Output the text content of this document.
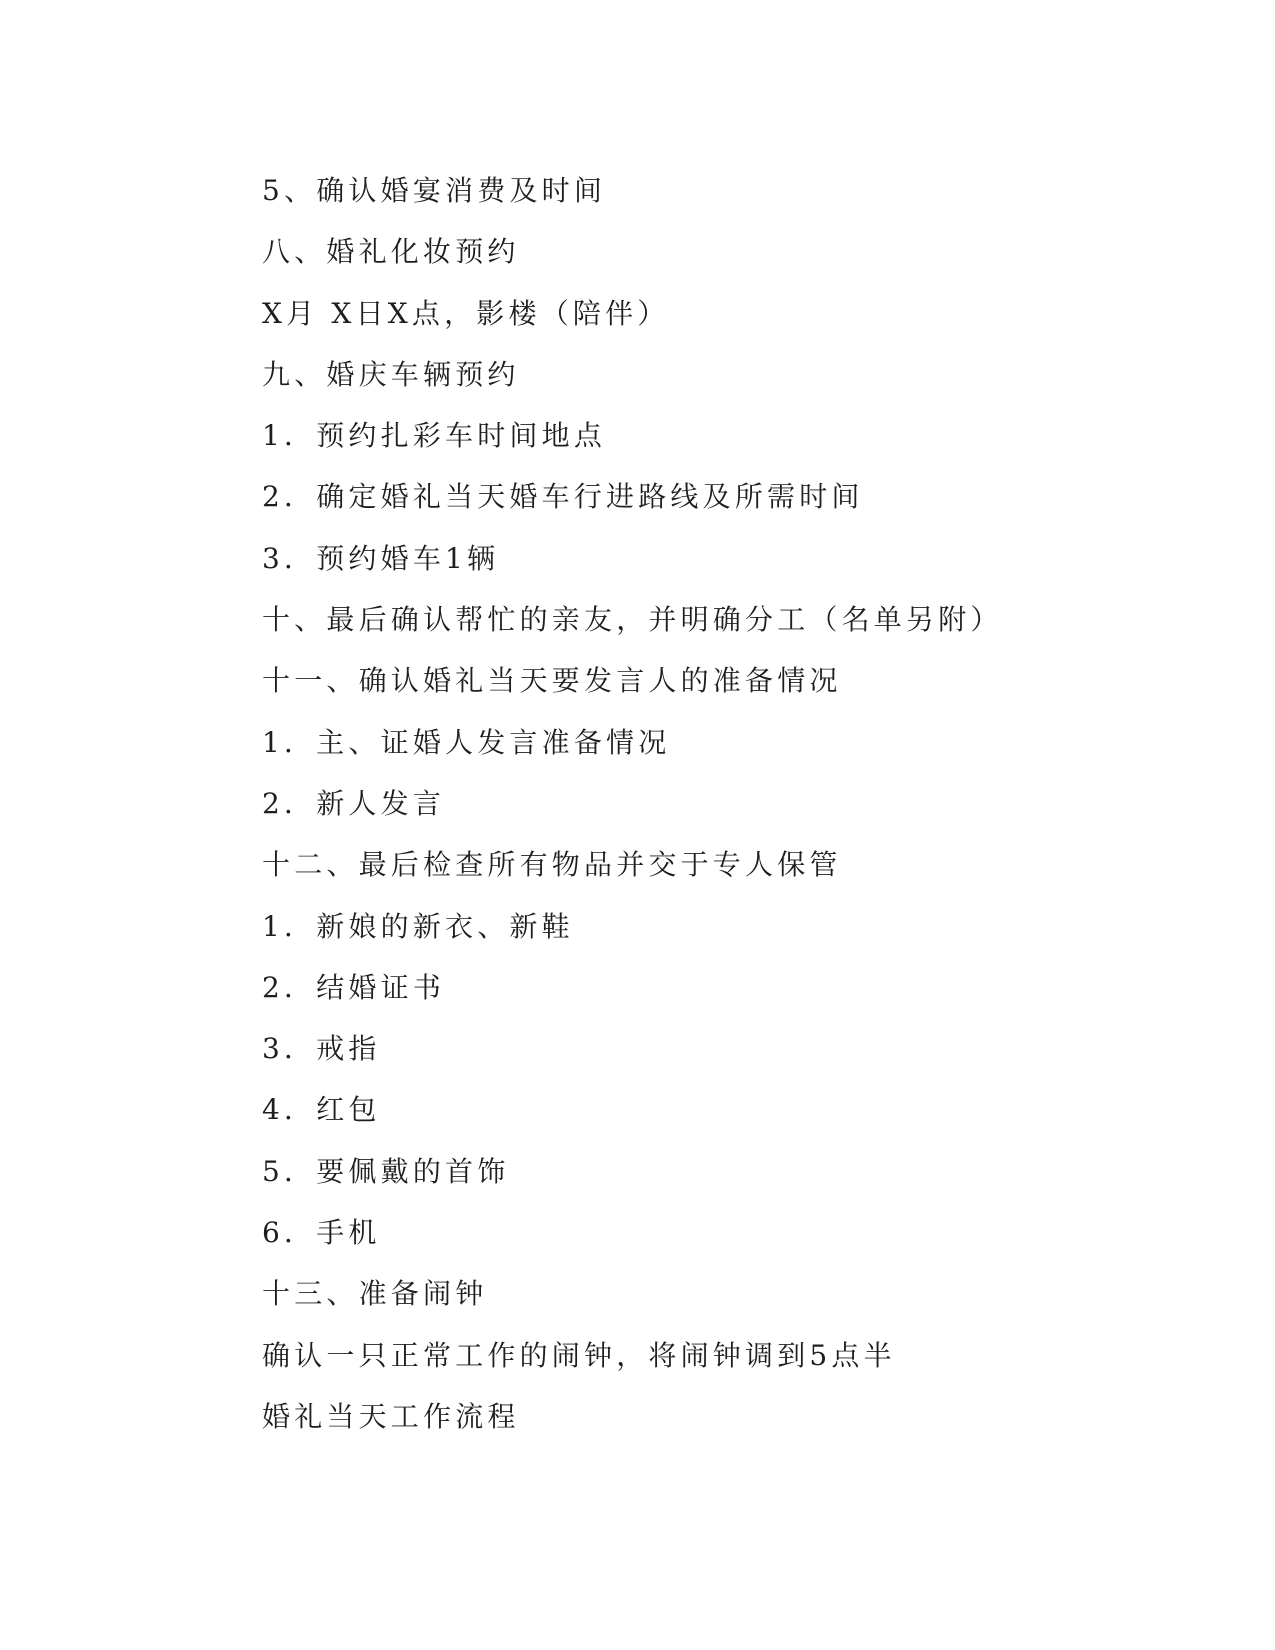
5、确认婚宴消费及时间
八、婚礼化妆预约
X月 X日X点，影楼（陪伴）
九、婚庆车辆预约
1．预约扎彩车时间地点
2．确定婚礼当天婚车行进路线及所需时间
3．预约婚车1辆
十、最后确认帮忙的亲友，并明确分工（名单另附）
十一、确认婚礼当天要发言人的准备情况
1．主、证婚人发言准备情况
2．新人发言
十二、最后检查所有物品并交于专人保管
1．新娘的新衣、新鞋
2．结婚证书
3．戒指
4．红包
5．要佩戴的首饰
6．手机
十三、准备闹钟
确认一只正常工作的闹钟，将闹钟调到5点半
婚礼当天工作流程
